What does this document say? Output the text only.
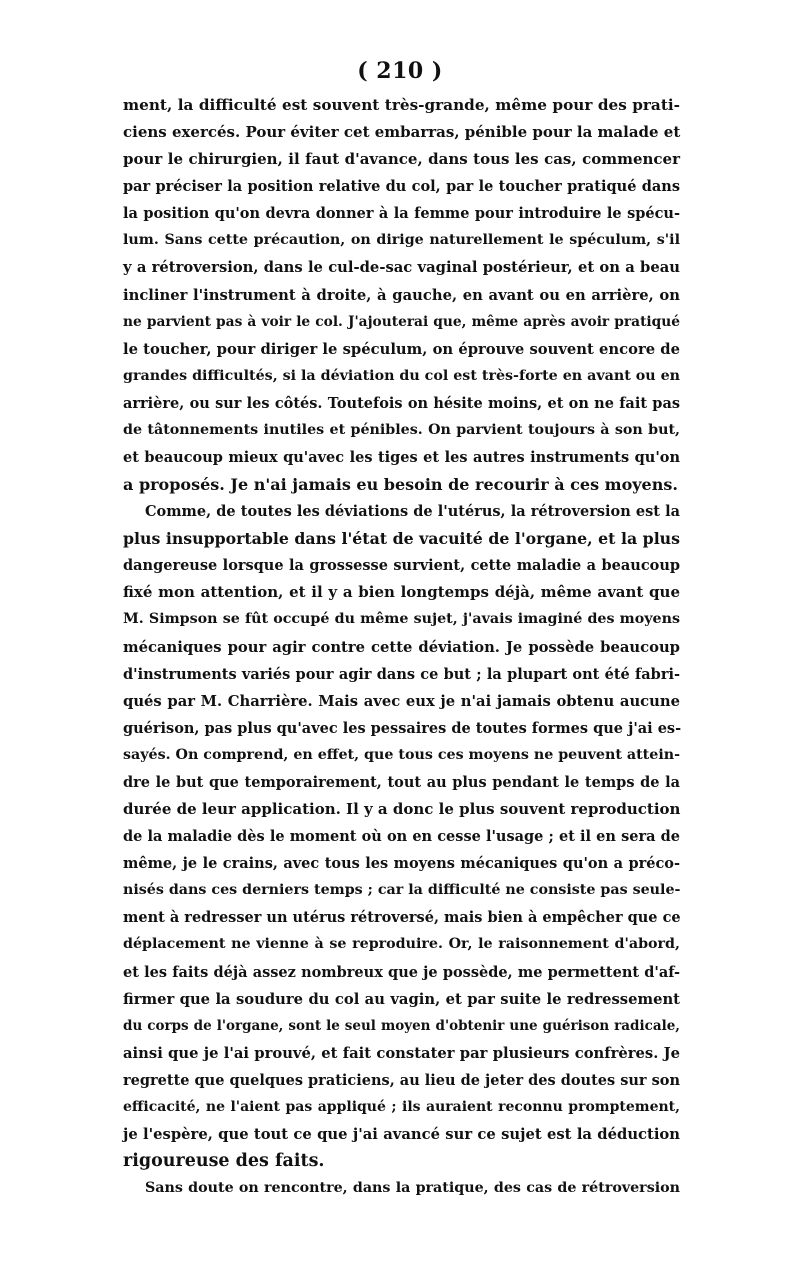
( 210 )
ment, la difficulté est souvent très-grande, même pour des prati-
ciens exercés. Pour éviter cet embarras, pénible pour la malade et
pour le chirurgien, il faut d'avance, dans tous les cas, commencer
par préciser la position relative du col, par le toucher pratiqué dans
la position qu'on devra donner à la femme pour introduire le spécu-
lum. Sans cette précaution, on dirige naturellement le spéculum, s'il
y a rétroversion, dans le cul-de-sac vaginal postérieur, et on a beau
incliner l'instrument à droite, à gauche, en avant ou en arrière, on
ne parvient pas à voir le col. J'ajouterai que, même après avoir pratiqué
le toucher, pour diriger le spéculum, on éprouve souvent encore de
grandes difficultés, si la déviation du col est très-forte en avant ou en
arrière, ou sur les côtés. Toutefois on hésite moins, et on ne fait pas
de tâtonnements inutiles et pénibles. On parvient toujours à son but,
et beaucoup mieux qu'avec les tiges et les autres instruments qu'on
a proposés. Je n'ai jamais eu besoin de recourir à ces moyens.
Comme, de toutes les déviations de l'utérus, la rétroversion est la
plus insupportable dans l'état de vacuité de l'organe, et la plus
dangereuse lorsque la grossesse survient, cette maladie a beaucoup
fixé mon attention, et il y a bien longtemps déjà, même avant que
M. Simpson se fût occupé du même sujet, j'avais imaginé des moyens
mécaniques pour agir contre cette déviation. Je possède beaucoup
d'instruments variés pour agir dans ce but ; la plupart ont été fabri-
qués par M. Charrière. Mais avec eux je n'ai jamais obtenu aucune
guérison, pas plus qu'avec les pessaires de toutes formes que j'ai es-
sayés. On comprend, en effet, que tous ces moyens ne peuvent attein-
dre le but que temporairement, tout au plus pendant le temps de la
durée de leur application. Il y a donc le plus souvent reproduction
de la maladie dès le moment où on en cesse l'usage ; et il en sera de
même, je le crains, avec tous les moyens mécaniques qu'on a préco-
nisés dans ces derniers temps ; car la difficulté ne consiste pas seule-
ment à redresser un utérus rétroversé, mais bien à empêcher que ce
déplacement ne vienne à se reproduire. Or, le raisonnement d'abord,
et les faits déjà assez nombreux que je possède, me permettent d'af-
firmer que la soudure du col au vagin, et par suite le redressement
du corps de l'organe, sont le seul moyen d'obtenir une guérison radicale,
ainsi que je l'ai prouvé, et fait constater par plusieurs confrères. Je
regrette que quelques praticiens, au lieu de jeter des doutes sur son
efficacité, ne l'aient pas appliqué ; ils auraient reconnu promptement,
je l'espère, que tout ce que j'ai avancé sur ce sujet est la déduction
rigoureuse des faits.
Sans doute on rencontre, dans la pratique, des cas de rétroversion
